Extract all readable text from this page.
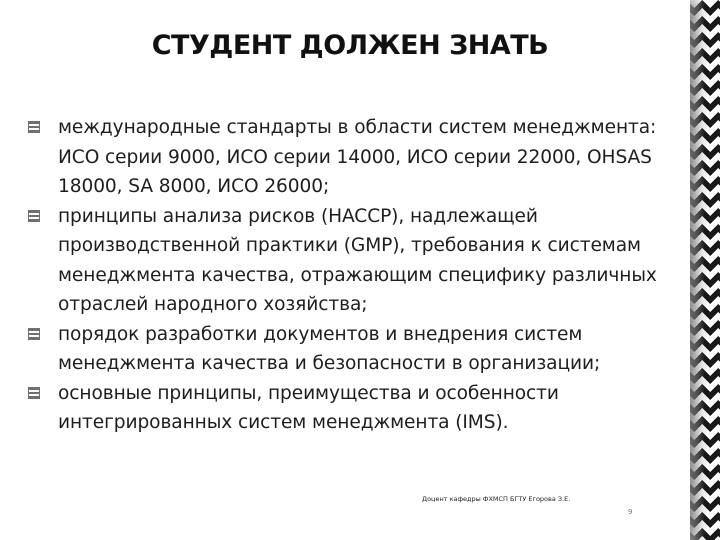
СТУДЕНТ ДОЛЖЕН ЗНАТЬ
международные стандарты в области систем менеджмента: ИСО серии 9000, ИСО серии 14000, ИСО серии 22000, OHSAS 18000, SA 8000, ИСО 26000;
принципы анализа рисков (HACCP), надлежащей производственной практики (GMP), требования к системам менеджмента качества, отражающим специфику различных отраслей народного хозяйства;
порядок разработки документов и внедрения систем менеджмента качества и безопасности в организации;
основные принципы, преимущества и особенности интегрированных систем менеджмента (IMS).
Доцент кафедры ФХМСП БГТУ Егорова З.Е.
9
